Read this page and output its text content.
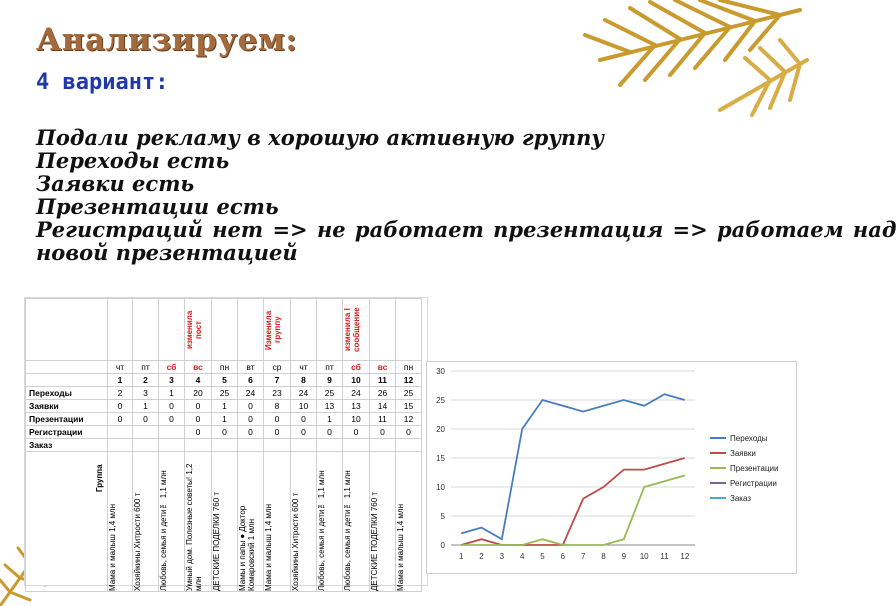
Анализируем:
4 вариант:
Подали рекламу в хорошую активную группу
Переходы есть
Заявки есть
Презентации есть
Регистраций нет => не работает презентация => работаем над
новой презентацией

				изменила пост			Изменила группу			изменила I сообщение		

	чт	пт	сб	вс	пн	вт	ср	чт	пт	сб	вс	пн
	1	2	3	4	5	6	7	8	9	10	11	12
Переходы	2	3	1	20	25	24	23	24	25	24	26	25
Заявки	0	1	0	0	1	0	8	10	13	13	14	15
Презентации	0	0	0	0	1	0	0	0	1	10	11	12
Регистрации				0	0	0	0	0	0	0	0	0
Заказ												
Группа	Мама и малыш 1,4 млн	Хозяйкины Хитрости 600 т	Любовь, семья и дети™ 1,1 млн	Умный дом. Полезные советы! 1,2 млн	ДЕТСКИЕ ПОДЕЛКИ 760 т	Мамы и папы●Доктор Комаровский 1 млн	Мама и малыш 1,4 млн	Хозяйкины Хитрости 600 т	Любовь, семья и дети™ 1,1 млн	Любовь, семья и дети™ 1,1 млн	ДЕТСКИЕ ПОДЕЛКИ 760 т	Мама и малыш 1,4 млн	0
5
10
15
20
25
30
1 2 3 4 5 6 7 8 9 10 11 12
Переходы
Заявки
Презентации
Регистрации
Заказ
